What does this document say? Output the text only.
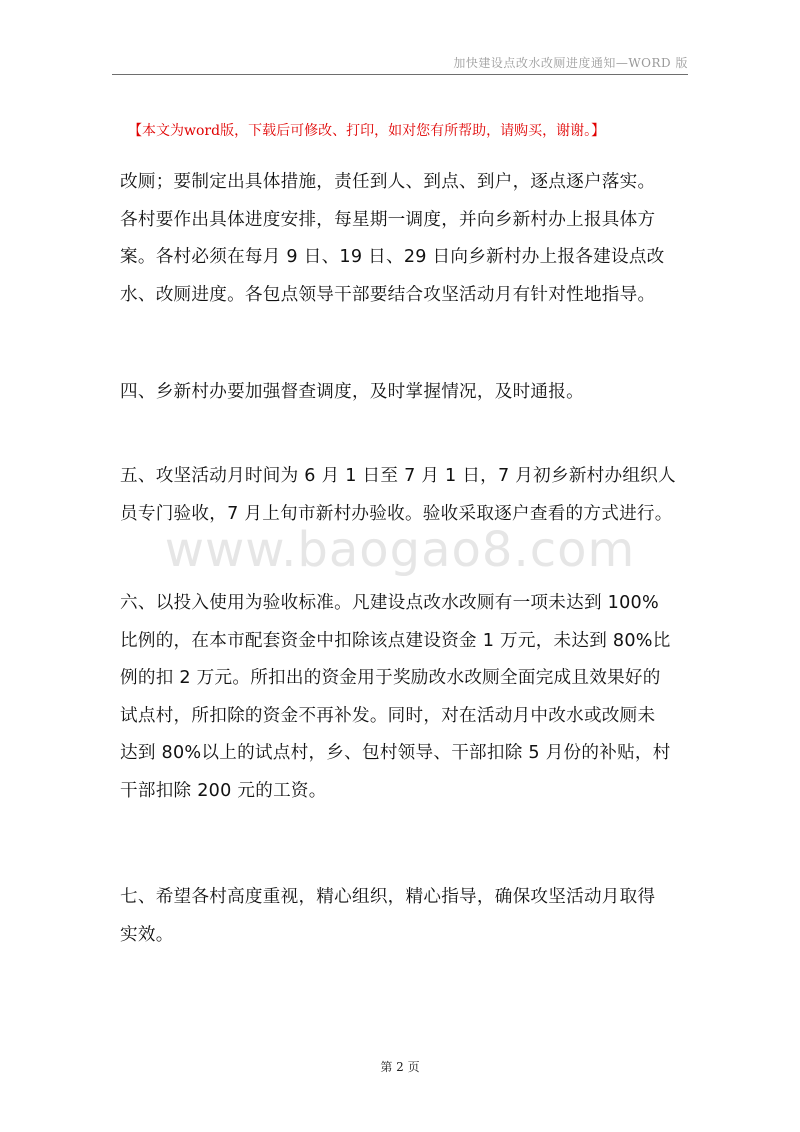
加快建设点改水改厕进度通知—WORD 版
【本文为word版，下载后可修改、打印，如对您有所帮助，请购买，谢谢。】
www.baogao8.com

改厕；要制定出具体措施，责任到人、到点、到户，逐点逐户落实。
各村要作出具体进度安排，每星期一调度，并向乡新村办上报具体方
案。各村必须在每月 9 日、19 日、29 日向乡新村办上报各建设点改
水、改厕进度。各包点领导干部要结合攻坚活动月有针对性地指导。

四、乡新村办要加强督查调度，及时掌握情况，及时通报。

五、攻坚活动月时间为 6 月 1 日至 7 月 1 日，7 月初乡新村办组织人
员专门验收，7 月上旬市新村办验收。验收采取逐户查看的方式进行。

六、以投入使用为验收标准。凡建设点改水改厕有一项未达到 100%
比例的，在本市配套资金中扣除该点建设资金 1 万元，未达到 80%比
例的扣 2 万元。所扣出的资金用于奖励改水改厕全面完成且效果好的
试点村，所扣除的资金不再补发。同时，对在活动月中改水或改厕未
达到 80%以上的试点村，乡、包村领导、干部扣除 5 月份的补贴，村
干部扣除 200 元的工资。

七、希望各村高度重视，精心组织，精心指导，确保攻坚活动月取得
实效。

第 2 页
